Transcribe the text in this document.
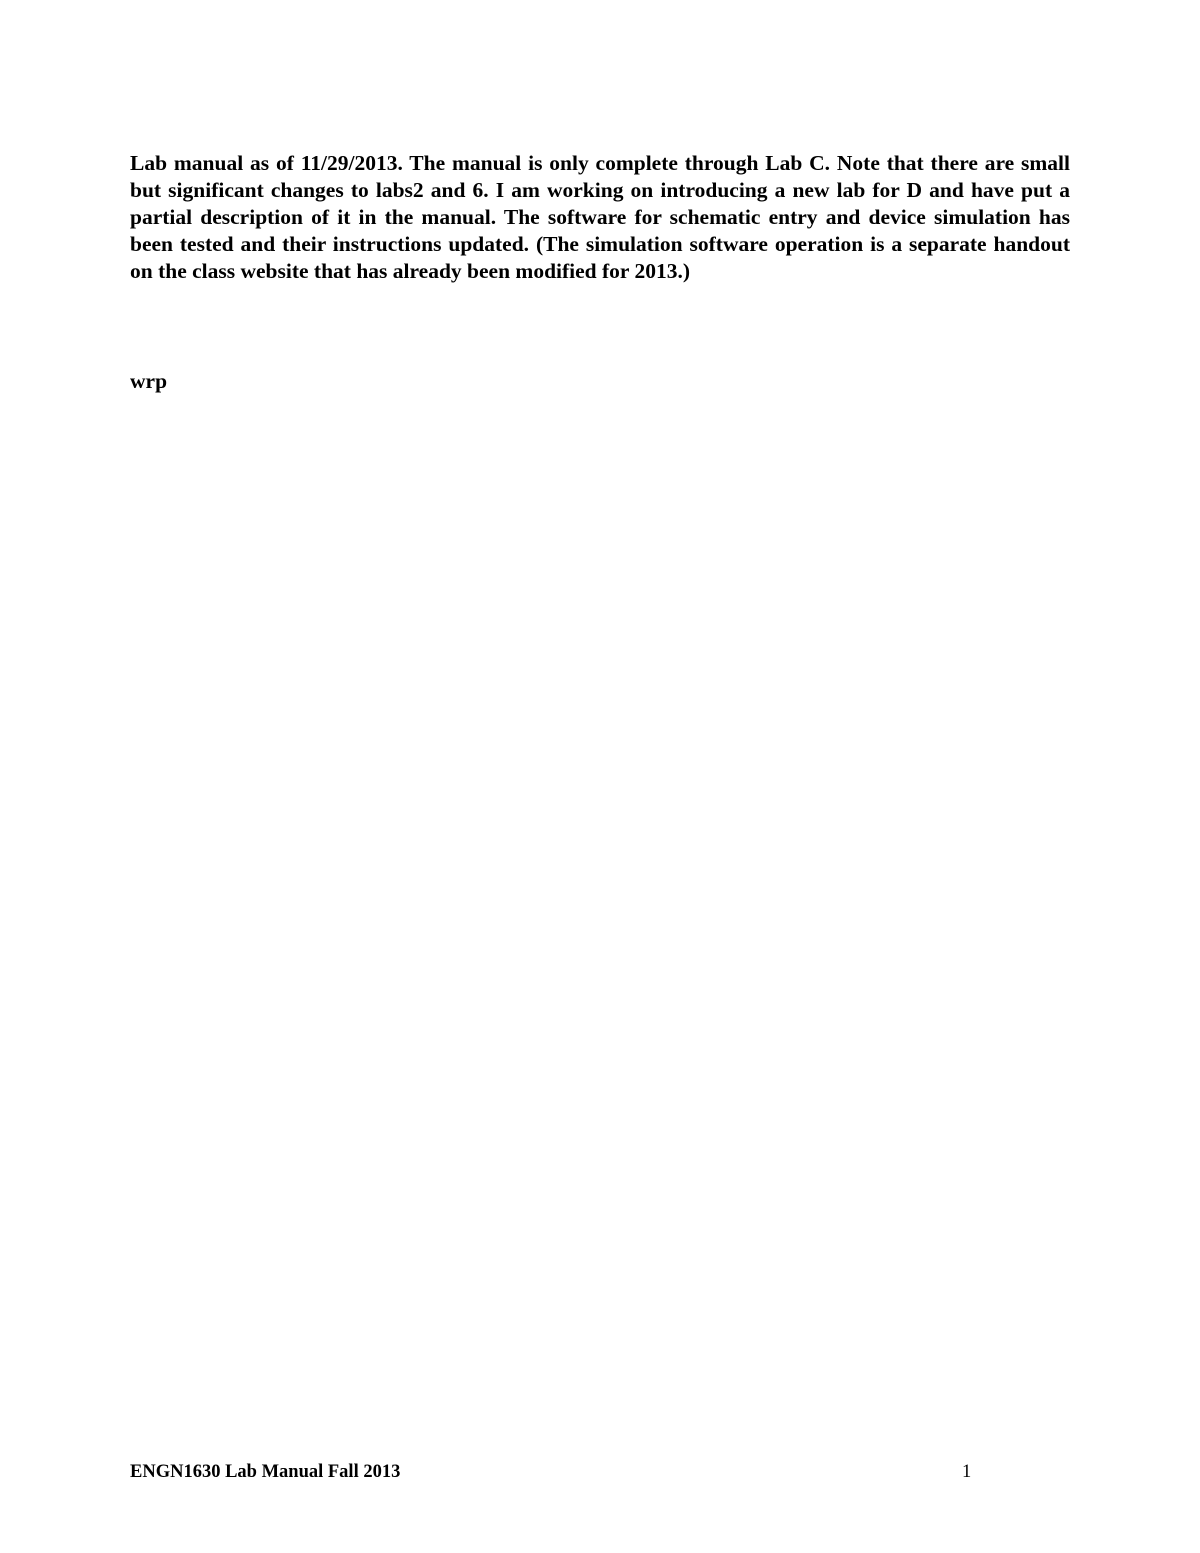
Lab manual as of 11/29/2013. The manual is only complete through Lab C. Note that there are small but significant changes to labs2 and 6. I am working on introducing a new lab for D and have put a partial description of it in the manual. The software for schematic entry and device simulation has been tested and their instructions updated. (The simulation software operation is a separate handout on the class website that has already been modified for 2013.)

wrp

ENGN1630 Lab Manual Fall 2013	1
